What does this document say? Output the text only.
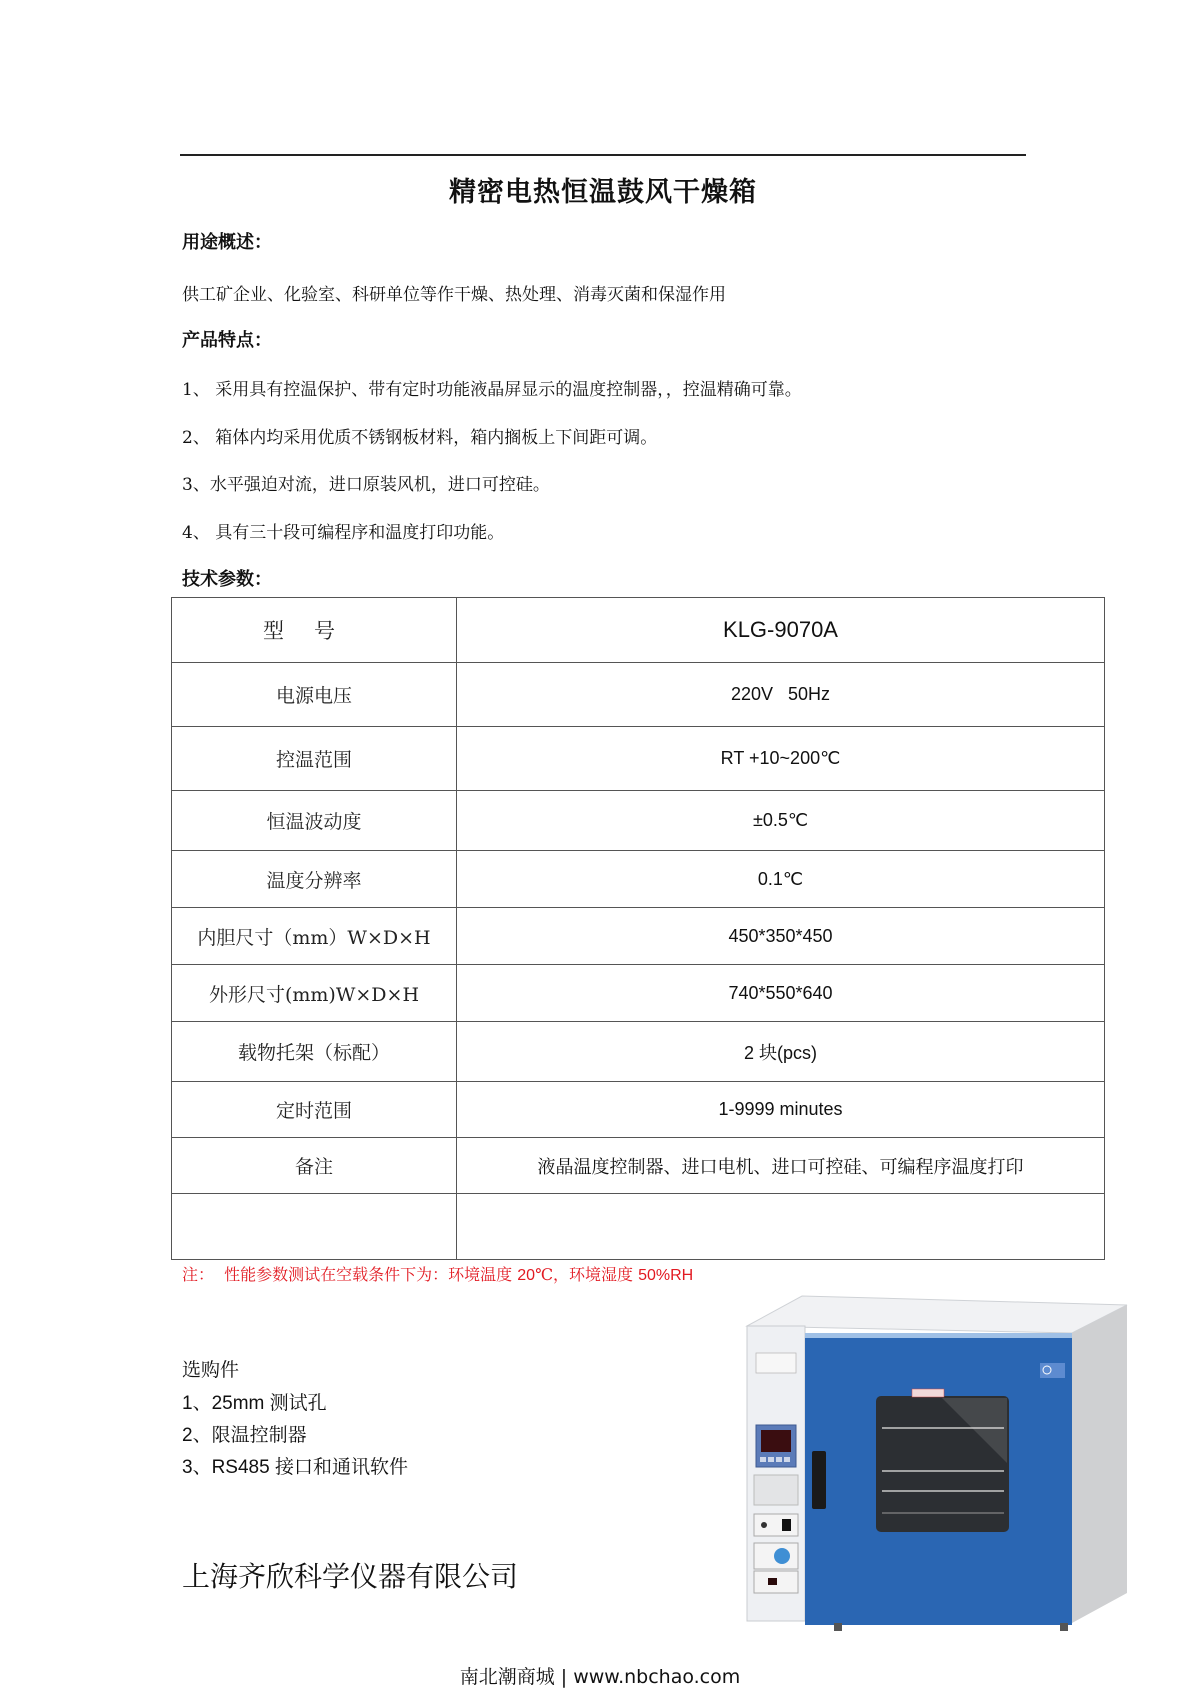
精密电热恒温鼓风干燥箱
用途概述：
供工矿企业、化验室、科研单位等作干燥、热处理、消毒灭菌和保湿作用
产品特点：
1、 采用具有控温保护、带有定时功能液晶屏显示的温度控制器，，控温精确可靠。
2、 箱体内均采用优质不锈钢板材料，箱内搁板上下间距可调。
3、水平强迫对流，进口原装风机，进口可控硅。
4、 具有三十段可编程序和温度打印功能。
技术参数：
型号	KLG-9070A
电源电压	220V   50Hz
控温范围	RT +10~200℃
恒温波动度	±0.5℃
温度分辨率	0.1℃
内胆尺寸（mm）W×D×H	450*350*450
外形尺寸(mm)W×D×H	740*550*640
载物托架（标配）	2 块(pcs)
定时范围	1-9999 minutes
备注	液晶温度控制器、进口电机、进口可控硅、可编程序温度打印

注：  性能参数测试在空载条件下为：环境温度 20℃，环境湿度 50%RH
选购件
1、25mm 测试孔
2、限温控制器
3、RS485 接口和通讯软件
上海齐欣科学仪器有限公司
南北潮商城 | www.nbchao.com
